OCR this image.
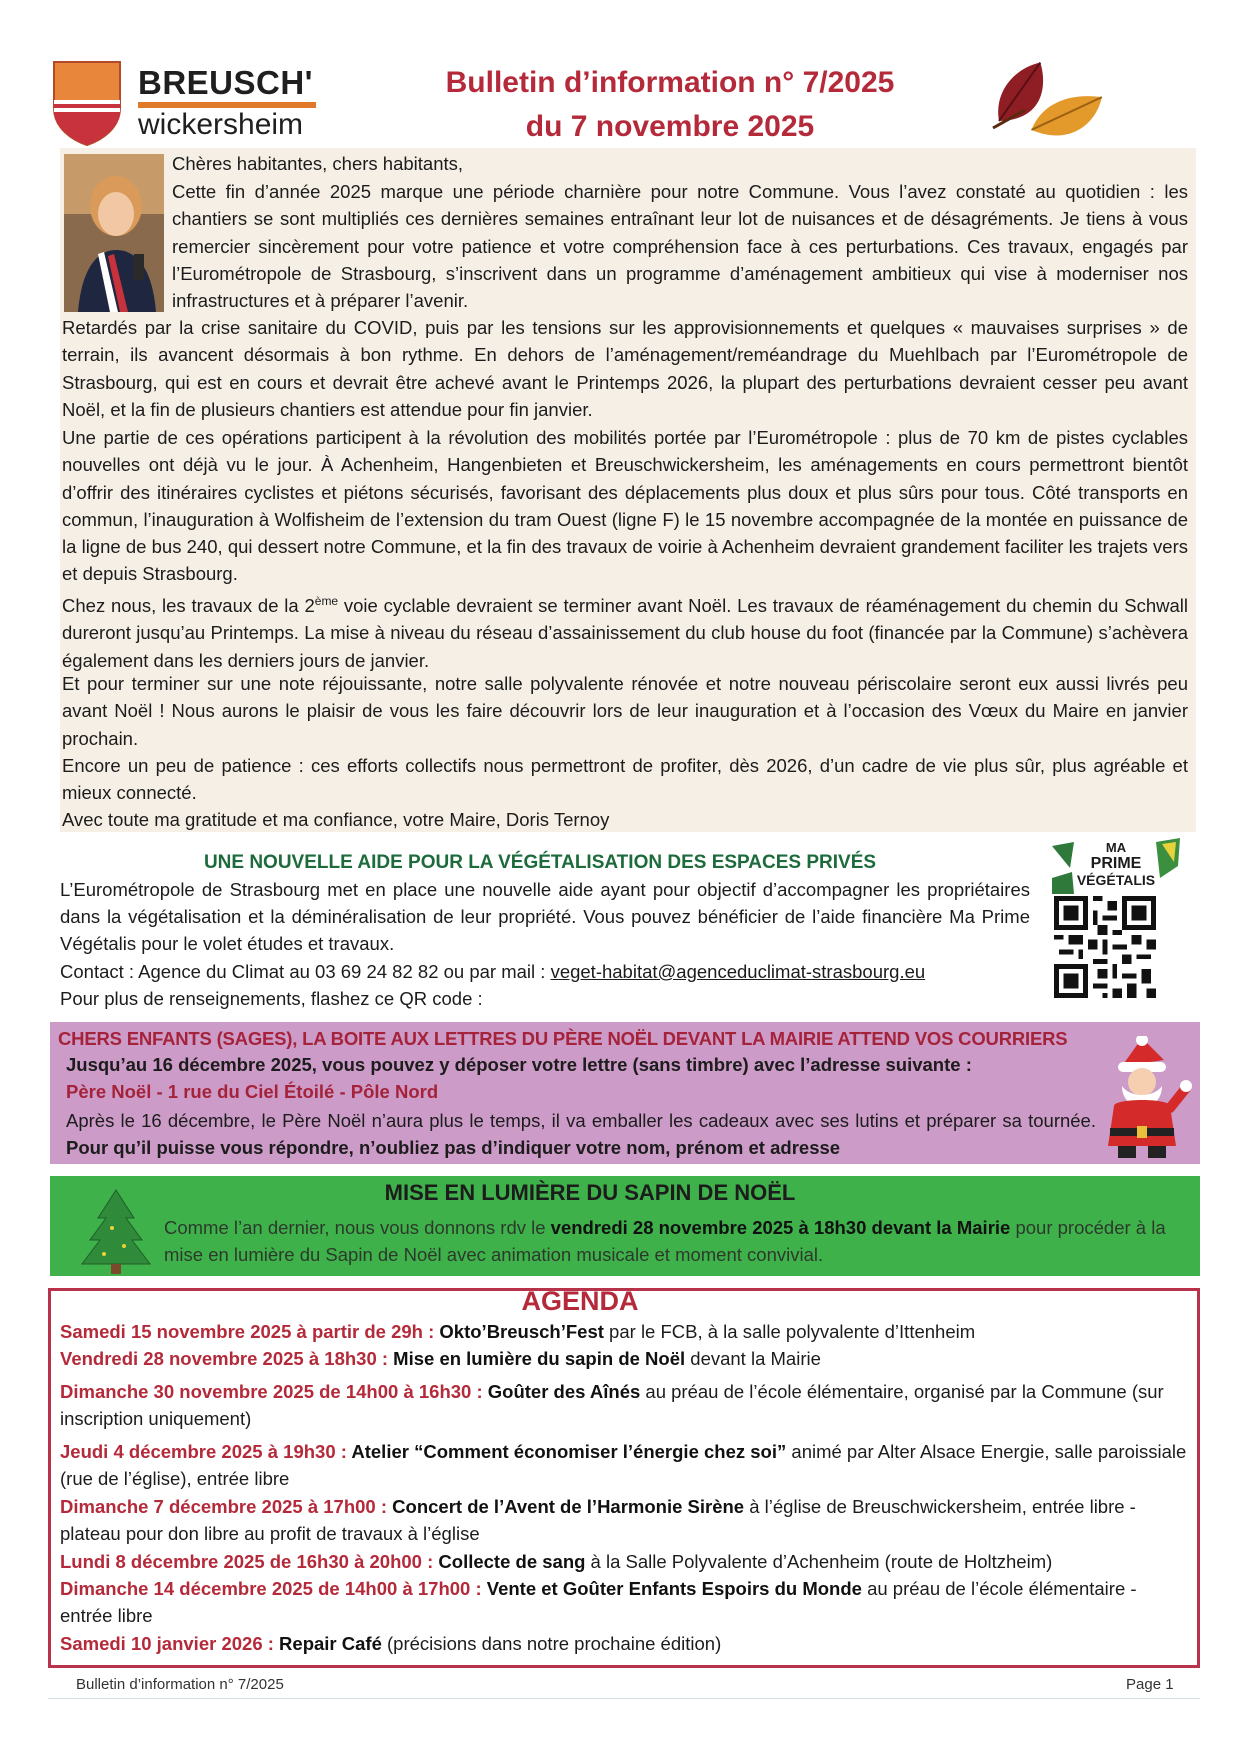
BREUSCH'
wickersheim
Bulletin d’information n° 7/2025
du 7 novembre 2025
Chères habitantes, chers habitants,
Cette fin d’année 2025 marque une période charnière pour notre Commune. Vous l’avez constaté au quotidien : les chantiers se sont multipliés ces dernières semaines entraînant leur lot de nuisances et de désagréments. Je tiens à vous remercier sincèrement pour votre patience et votre compréhension face à ces perturbations. Ces travaux, engagés par l’Eurométropole de Strasbourg, s’inscrivent dans un programme d’aménagement ambitieux qui vise à moderniser nos infrastructures et à préparer l’avenir.
Retardés par la crise sanitaire du COVID, puis par les tensions sur les approvisionnements et quelques « mauvaises surprises » de terrain, ils avancent désormais à bon rythme. En dehors de l’aménagement/reméandrage du Muehlbach par l’Eurométropole de Strasbourg, qui est en cours et devrait être achevé avant le Printemps 2026, la plupart des perturbations devraient cesser peu avant Noël, et la fin de plusieurs chantiers est attendue pour fin janvier.
Une partie de ces opérations participent à la révolution des mobilités portée par l’Eurométropole : plus de 70 km de pistes cyclables nouvelles ont déjà vu le jour. À Achenheim, Hangenbieten et Breuschwickersheim, les aménagements en cours permettront bientôt d’offrir des itinéraires cyclistes et piétons sécurisés, favorisant des déplacements plus doux et plus sûrs pour tous. Côté transports en commun, l’inauguration à Wolfisheim de l’extension du tram Ouest (ligne F) le 15 novembre accompagnée de la montée en puissance de la ligne de bus 240, qui dessert notre Commune, et la fin des travaux de voirie à Achenheim devraient grandement faciliter les trajets vers et depuis Strasbourg.
Chez nous, les travaux de la 2ème voie cyclable devraient se terminer avant Noël. Les travaux de réaménagement du chemin du Schwall dureront jusqu’au Printemps. La mise à niveau du réseau d’assainissement du club house du foot (financée par la Commune) s’achèvera également dans les derniers jours de janvier.
Et pour terminer sur une note réjouissante, notre salle polyvalente rénovée et notre nouveau périscolaire seront eux aussi livrés peu avant Noël ! Nous aurons le plaisir de vous les faire découvrir lors de leur inauguration et à l’occasion des Vœux du Maire en janvier prochain.
Encore un peu de patience : ces efforts collectifs nous permettront de profiter, dès 2026, d’un cadre de vie plus sûr, plus agréable et mieux connecté.
Avec toute ma gratitude et ma confiance, votre Maire, Doris Ternoy
UNE NOUVELLE AIDE POUR LA VÉGÉTALISATION DES ESPACES PRIVÉS
L’Eurométropole de Strasbourg met en place une nouvelle aide ayant pour objectif d’accompagner les propriétaires dans la végétalisation et la déminéralisation de leur propriété. Vous pouvez bénéficier de l’aide financière Ma Prime Végétalis pour le volet études et travaux.
Contact : Agence du Climat au 03 69 24 82 82 ou par mail : veget-habitat@agenceduclimat-strasbourg.eu
Pour plus de renseignements, flashez ce QR code :
MA
PRIME
VÉGÉTALIS
CHERS ENFANTS (SAGES), LA BOITE AUX LETTRES DU PÈRE NOËL DEVANT LA MAIRIE ATTEND VOS COURRIERS
Jusqu’au 16 décembre 2025, vous pouvez y déposer votre lettre (sans timbre) avec l’adresse suivante :
Père Noël - 1 rue du Ciel Étoilé - Pôle Nord
Après le 16 décembre, le Père Noël n’aura plus le temps, il va emballer les cadeaux avec ses lutins et préparer sa tournée. Pour qu’il puisse vous répondre, n’oubliez pas d’indiquer votre nom, prénom et adresse
MISE EN LUMIÈRE DU SAPIN DE NOËL
Comme l’an dernier, nous vous donnons rdv le vendredi 28 novembre 2025 à 18h30 devant la Mairie pour procéder à la mise en lumière du Sapin de Noël avec animation musicale et moment convivial.
AGENDA
Samedi 15 novembre 2025 à partir de 29h : Okto’Breusch’Fest par le FCB, à la salle polyvalente d’Ittenheim
Vendredi 28 novembre 2025 à 18h30 : Mise en lumière du sapin de Noël devant la Mairie
Dimanche 30 novembre 2025 de 14h00 à 16h30 : Goûter des Aînés au préau de l’école élémentaire, organisé par la Commune (sur inscription uniquement)
Jeudi 4 décembre 2025 à 19h30 : Atelier “Comment économiser l’énergie chez soi” animé par Alter Alsace Energie, salle paroissiale (rue de l’église), entrée libre
Dimanche 7 décembre 2025 à 17h00 : Concert de l’Avent de l’Harmonie Sirène à l’église de Breuschwickersheim, entrée libre - plateau pour don libre au profit de travaux à l’église
Lundi 8 décembre 2025 de 16h30 à 20h00 : Collecte de sang à la Salle Polyvalente d’Achenheim (route de Holtzheim)
Dimanche 14 décembre 2025 de 14h00 à 17h00 : Vente et Goûter Enfants Espoirs du Monde au préau de l’école élémentaire - entrée libre
Samedi 10 janvier 2026 : Repair Café (précisions dans notre prochaine édition)
Bulletin d’information n° 7/2025	Page 1
